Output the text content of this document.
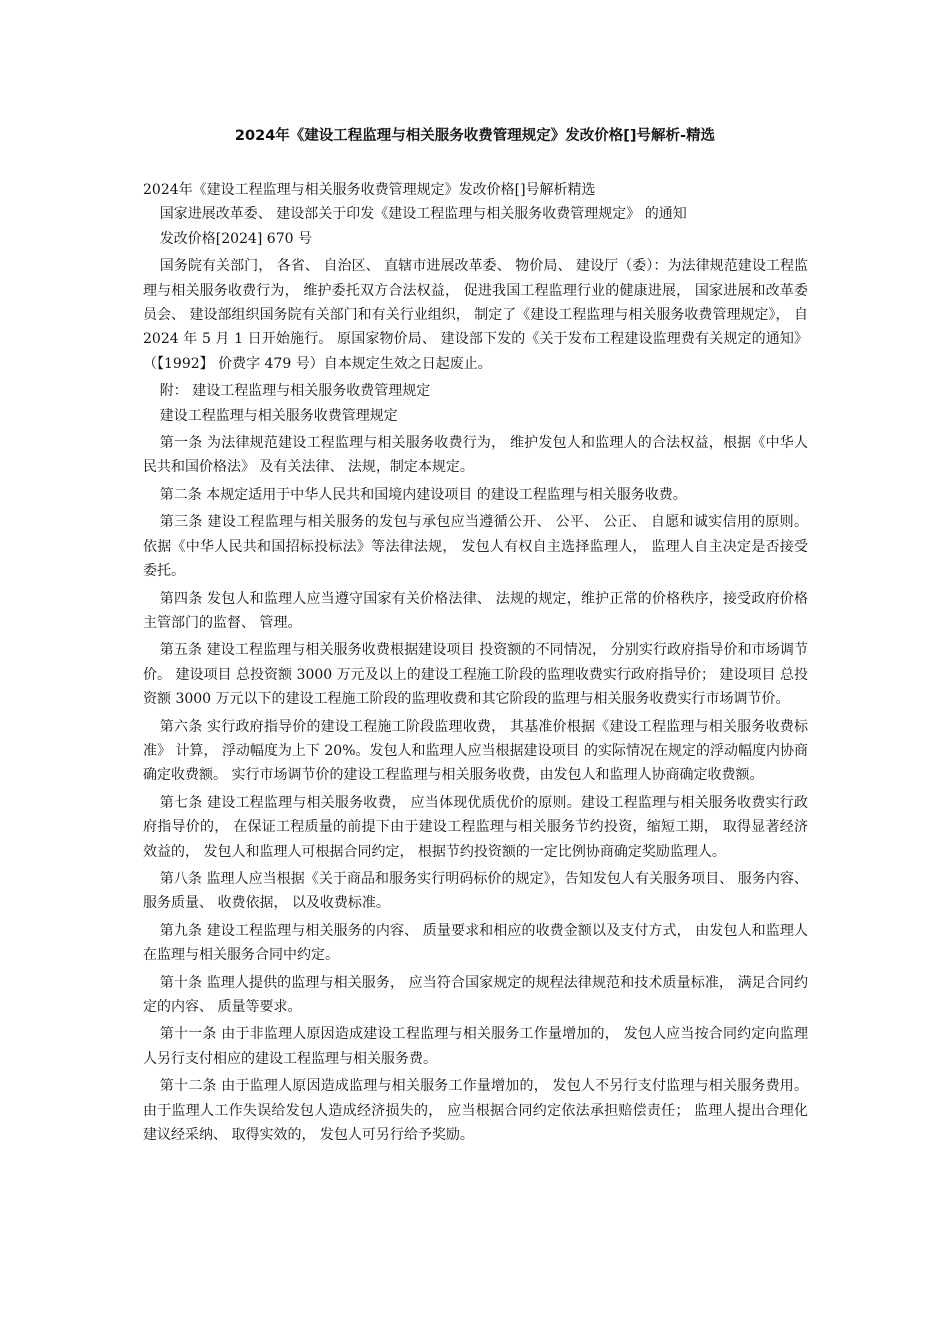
2024年《建设工程监理与相关服务收费管理规定》发改价格[]号解析-精选

2024年《建设工程监理与相关服务收费管理规定》发改价格[]号解析精选

国家进展改革委、 建设部关于印发《建设工程监理与相关服务收费管理规定》 的通知

发改价格[2024] 670 号

国务院有关部门， 各省、 自治区、 直辖市进展改革委、 物价局、 建设厅（委）：为法律规范建设工程监理与相关服务收费行为， 维护委托双方合法权益， 促进我国工程监理行业的健康进展， 国家进展和改革委员会、 建设部组织国务院有关部门和有关行业组织， 制定了《建设工程监理与相关服务收费管理规定》， 自 2024 年 5 月 1 日开始施行。 原国家物价局、 建设部下发的《关于发布工程建设监理费有关规定的通知》（【1992】 价费字 479 号）自本规定生效之日起废止。

附： 建设工程监理与相关服务收费管理规定

建设工程监理与相关服务收费管理规定

第一条 为法律规范建设工程监理与相关服务收费行为， 维护发包人和监理人的合法权益，根据《中华人民共和国价格法》 及有关法律、 法规，制定本规定。

第二条 本规定适用于中华人民共和国境内建设项目 的建设工程监理与相关服务收费。

第三条 建设工程监理与相关服务的发包与承包应当遵循公开、 公平、 公正、 自愿和诚实信用的原则。 依据《中华人民共和国招标投标法》等法律法规， 发包人有权自主选择监理人， 监理人自主决定是否接受委托。

第四条 发包人和监理人应当遵守国家有关价格法律、 法规的规定，维护正常的价格秩序，接受政府价格主管部门的监督、 管理。

第五条 建设工程监理与相关服务收费根据建设项目 投资额的不同情况， 分别实行政府指导价和市场调节价。 建设项目 总投资额 3000 万元及以上的建设工程施工阶段的监理收费实行政府指导价； 建设项目 总投资额 3000 万元以下的建设工程施工阶段的监理收费和其它阶段的监理与相关服务收费实行市场调节价。

第六条 实行政府指导价的建设工程施工阶段监理收费， 其基准价根据《建设工程监理与相关服务收费标准》 计算， 浮动幅度为上下 20%。发包人和监理人应当根据建设项目 的实际情况在规定的浮动幅度内协商确定收费额。 实行市场调节价的建设工程监理与相关服务收费，由发包人和监理人协商确定收费额。

第七条 建设工程监理与相关服务收费， 应当体现优质优价的原则。建设工程监理与相关服务收费实行政府指导价的， 在保证工程质量的前提下由于建设工程监理与相关服务节约投资，缩短工期， 取得显著经济效益的， 发包人和监理人可根据合同约定， 根据节约投资额的一定比例协商确定奖励监理人。

第八条 监理人应当根据《关于商品和服务实行明码标价的规定》，告知发包人有关服务项目、 服务内容、 服务质量、 收费依据， 以及收费标准。

第九条 建设工程监理与相关服务的内容、 质量要求和相应的收费金额以及支付方式， 由发包人和监理人在监理与相关服务合同中约定。

第十条 监理人提供的监理与相关服务， 应当符合国家规定的规程法律规范和技术质量标准， 满足合同约定的内容、 质量等要求。

第十一条 由于非监理人原因造成建设工程监理与相关服务工作量增加的， 发包人应当按合同约定向监理人另行支付相应的建设工程监理与相关服务费。

第十二条 由于监理人原因造成监理与相关服务工作量增加的， 发包人不另行支付监理与相关服务费用。 由于监理人工作失误给发包人造成经济损失的， 应当根据合同约定依法承担赔偿责任； 监理人提出合理化建议经采纳、 取得实效的， 发包人可另行给予奖励。
